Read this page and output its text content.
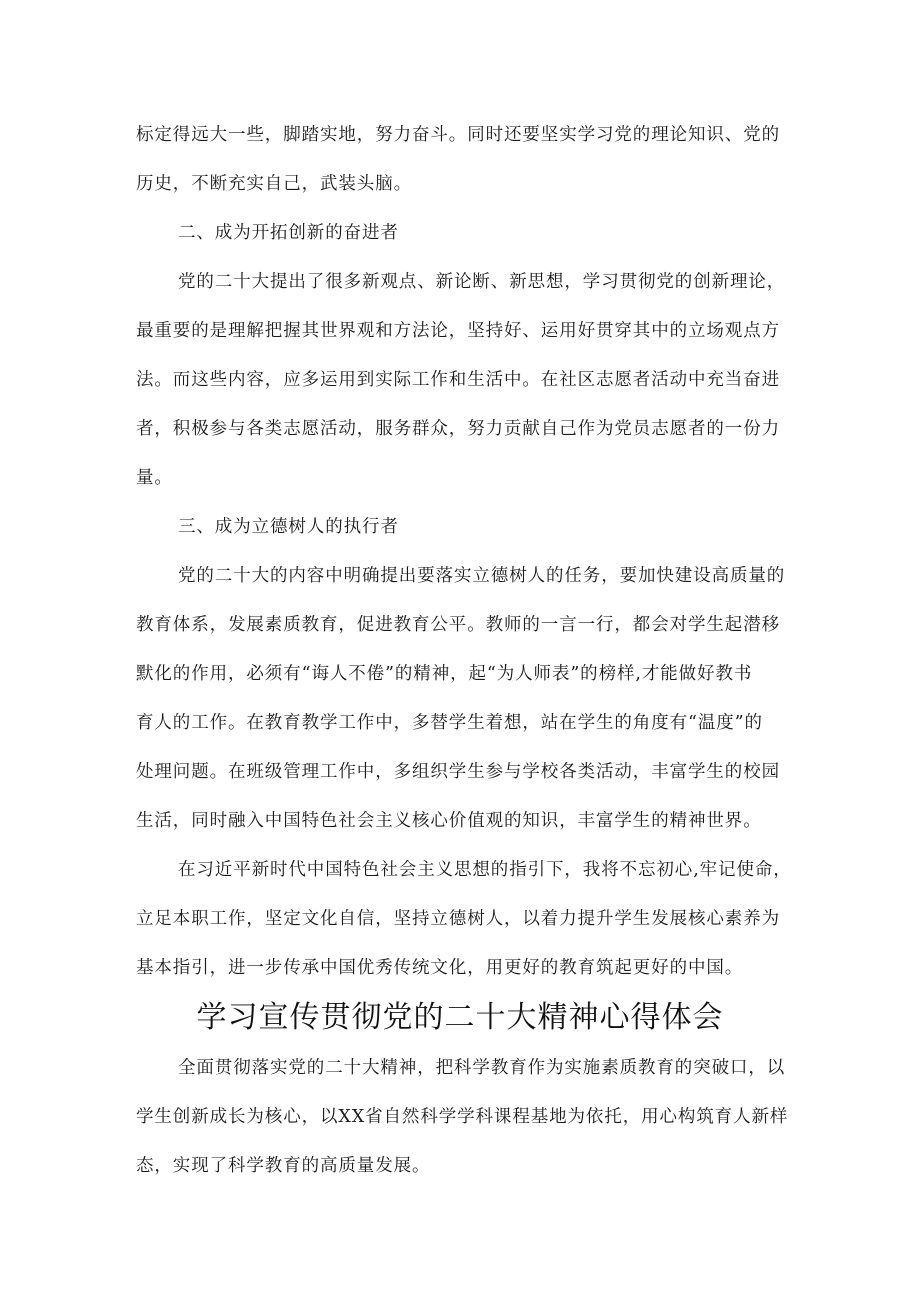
标定得远大一些，脚踏实地，努力奋斗。同时还要坚实学习党的理论知识、党的
历史，不断充实自己，武装头脑。
二、成为开拓创新的奋进者
党的二十大提出了很多新观点、新论断、新思想，学习贯彻党的创新理论，
最重要的是理解把握其世界观和方法论，坚持好、运用好贯穿其中的立场观点方
法。而这些内容，应多运用到实际工作和生活中。在社区志愿者活动中充当奋进
者，积极参与各类志愿活动，服务群众，努力贡献自己作为党员志愿者的一份力
量。
三、成为立德树人的执行者
党的二十大的内容中明确提出要落实立德树人的任务，要加快建设高质量的
教育体系，发展素质教育，促进教育公平。教师的一言一行，都会对学生起潜移
默化的作用，必须有“诲人不倦”的精神，起“为人师表”的榜样,才能做好教书
育人的工作。在教育教学工作中，多替学生着想，站在学生的角度有“温度”的
处理问题。在班级管理工作中，多组织学生参与学校各类活动，丰富学生的校园
生活，同时融入中国特色社会主义核心价值观的知识，丰富学生的精神世界。
在习近平新时代中国特色社会主义思想的指引下，我将不忘初心,牢记使命，
立足本职工作，坚定文化自信，坚持立德树人，以着力提升学生发展核心素养为
基本指引，进一步传承中国优秀传统文化，用更好的教育筑起更好的中国。
学习宣传贯彻党的二十大精神心得体会
全面贯彻落实党的二十大精神，把科学教育作为实施素质教育的突破口，以
学生创新成长为核心，以XX省自然科学学科课程基地为依托，用心构筑育人新样
态，实现了科学教育的高质量发展。
